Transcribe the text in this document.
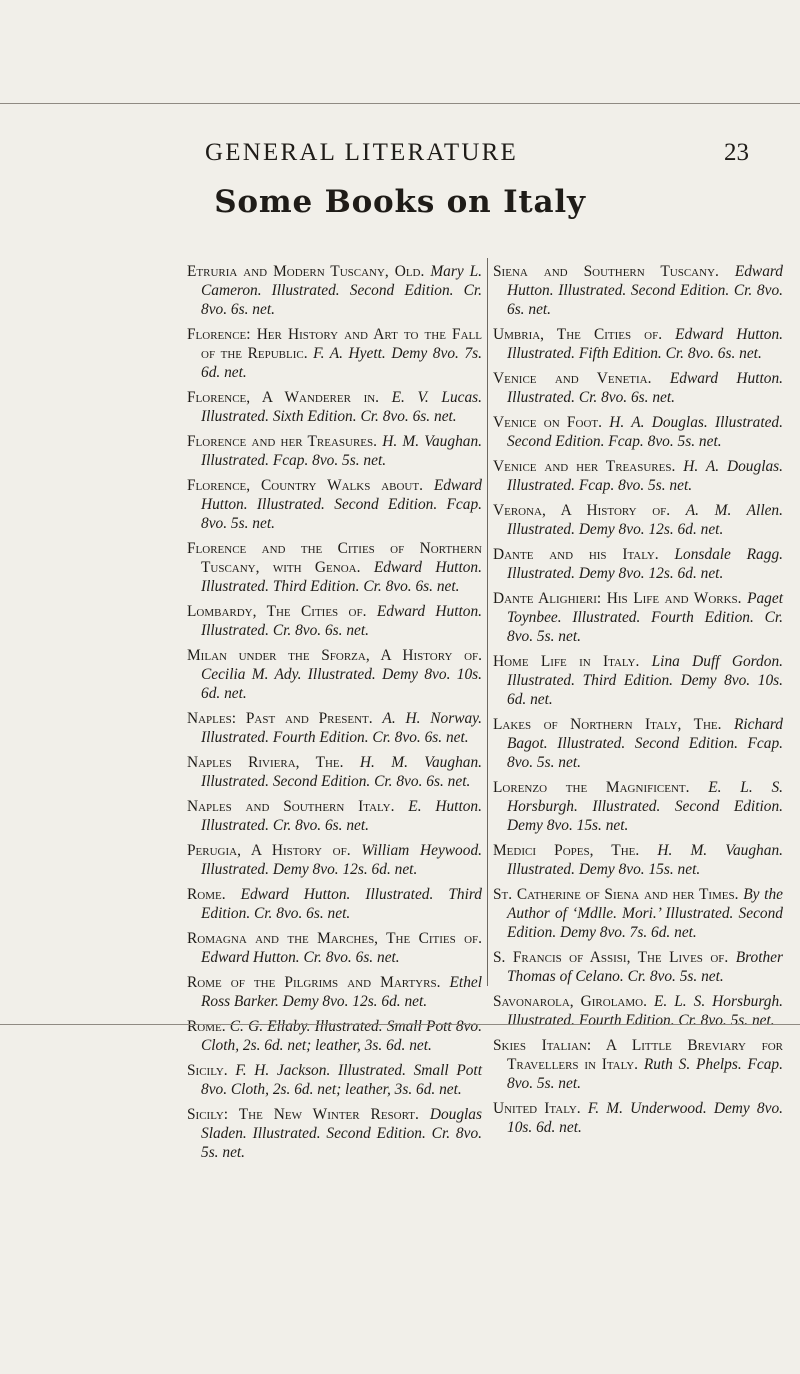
GENERAL LITERATURE	23
Some Books on Italy

Etruria and Modern Tuscany, Old. Mary L. Cameron. Illustrated. Second Edition. Cr. 8vo. 6s. net.

Florence: Her History and Art to the Fall of the Republic. F. A. Hyett. Demy 8vo. 7s. 6d. net.

Florence, A Wanderer in. E. V. Lucas. Illustrated. Sixth Edition. Cr. 8vo. 6s. net.

Florence and her Treasures. H. M. Vaughan. Illustrated. Fcap. 8vo. 5s. net.

Florence, Country Walks about. Edward Hutton. Illustrated. Second Edition. Fcap. 8vo. 5s. net.

Florence and the Cities of Northern Tuscany, with Genoa. Edward Hutton. Illustrated. Third Edition. Cr. 8vo. 6s. net.

Lombardy, The Cities of. Edward Hutton. Illustrated. Cr. 8vo. 6s. net.

Milan under the Sforza, A History of. Cecilia M. Ady. Illustrated. Demy 8vo. 10s. 6d. net.

Naples: Past and Present. A. H. Norway. Illustrated. Fourth Edition. Cr. 8vo. 6s. net.

Naples Riviera, The. H. M. Vaughan. Illustrated. Second Edition. Cr. 8vo. 6s. net.

Naples and Southern Italy. E. Hutton. Illustrated. Cr. 8vo. 6s. net.

Perugia, A History of. William Heywood. Illustrated. Demy 8vo. 12s. 6d. net.

Rome. Edward Hutton. Illustrated. Third Edition. Cr. 8vo. 6s. net.

Romagna and the Marches, The Cities of. Edward Hutton. Cr. 8vo. 6s. net.

Rome of the Pilgrims and Martyrs. Ethel Ross Barker. Demy 8vo. 12s. 6d. net.

Rome. C. G. Ellaby. Illustrated. Small Pott 8vo. Cloth, 2s. 6d. net; leather, 3s. 6d. net.

Sicily. F. H. Jackson. Illustrated. Small Pott 8vo. Cloth, 2s. 6d. net; leather, 3s. 6d. net.

Sicily: The New Winter Resort. Douglas Sladen. Illustrated. Second Edition. Cr. 8vo. 5s. net.

Siena and Southern Tuscany. Edward Hutton. Illustrated. Second Edition. Cr. 8vo. 6s. net.

Umbria, The Cities of. Edward Hutton. Illustrated. Fifth Edition. Cr. 8vo. 6s. net.

Venice and Venetia. Edward Hutton. Illustrated. Cr. 8vo. 6s. net.

Venice on Foot. H. A. Douglas. Illustrated. Second Edition. Fcap. 8vo. 5s. net.

Venice and her Treasures. H. A. Douglas. Illustrated. Fcap. 8vo. 5s. net.

Verona, A History of. A. M. Allen. Illustrated. Demy 8vo. 12s. 6d. net.

Dante and his Italy. Lonsdale Ragg. Illustrated. Demy 8vo. 12s. 6d. net.

Dante Alighieri: His Life and Works. Paget Toynbee. Illustrated. Fourth Edition. Cr. 8vo. 5s. net.

Home Life in Italy. Lina Duff Gordon. Illustrated. Third Edition. Demy 8vo. 10s. 6d. net.

Lakes of Northern Italy, The. Richard Bagot. Illustrated. Second Edition. Fcap. 8vo. 5s. net.

Lorenzo the Magnificent. E. L. S. Horsburgh. Illustrated. Second Edition. Demy 8vo. 15s. net.

Medici Popes, The. H. M. Vaughan. Illustrated. Demy 8vo. 15s. net.

St. Catherine of Siena and her Times. By the Author of ‘Mdlle. Mori.’ Illustrated. Second Edition. Demy 8vo. 7s. 6d. net.

S. Francis of Assisi, The Lives of. Brother Thomas of Celano. Cr. 8vo. 5s. net.

Savonarola, Girolamo. E. L. S. Horsburgh. Illustrated. Fourth Edition. Cr. 8vo. 5s. net.

Skies Italian: A Little Breviary for Travellers in Italy. Ruth S. Phelps. Fcap. 8vo. 5s. net.

United Italy. F. M. Underwood. Demy 8vo. 10s. 6d. net.
